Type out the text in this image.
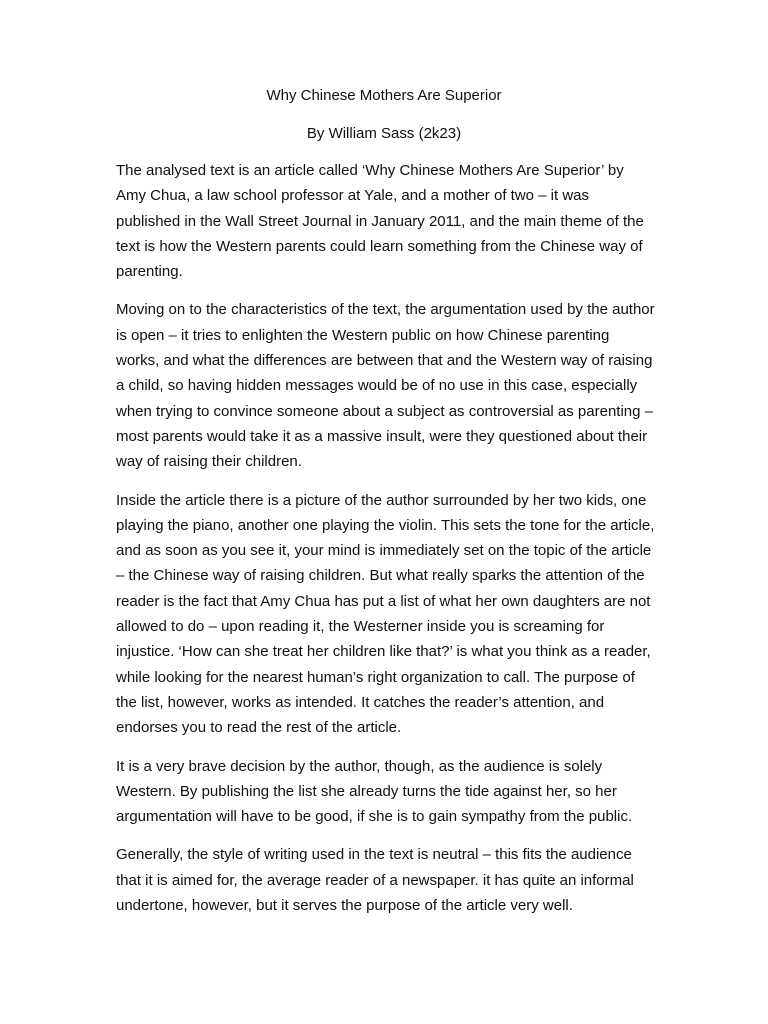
Why Chinese Mothers Are Superior
By William Sass (2k23)

The analysed text is an article called ‘Why Chinese Mothers Are Superior’ by Amy Chua, a law school professor at Yale, and a mother of two – it was published in the Wall Street Journal in January 2011, and the main theme of the text is how the Western parents could learn something from the Chinese way of parenting.

Moving on to the characteristics of the text, the argumentation used by the author is open – it tries to enlighten the Western public on how Chinese parenting works, and what the differences are between that and the Western way of raising a child, so having hidden messages would be of no use in this case, especially when trying to convince someone about a subject as controversial as parenting –most parents would take it as a massive insult, were they questioned about their way of raising their children.

Inside the article there is a picture of the author surrounded by her two kids, one playing the piano, another one playing the violin. This sets the tone for the article, and as soon as you see it, your mind is immediately set on the topic of the article – the Chinese way of raising children. But what really sparks the attention of the reader is the fact that Amy Chua has put a list of what her own daughters are not allowed to do – upon reading it, the Westerner inside you is screaming for injustice. ‘How can she treat her children like that?’ is what you think as a reader, while looking for the nearest human’s right organization to call. The purpose of the list, however, works as intended. It catches the reader’s attention, and endorses you to read the rest of the article.

It is a very brave decision by the author, though, as the audience is solely Western. By publishing the list she already turns the tide against her, so her argumentation will have to be good, if she is to gain sympathy from the public.

Generally, the style of writing used in the text is neutral – this fits the audience that it is aimed for, the average reader of a newspaper. it has quite an informal undertone, however, but it serves the purpose of the article very well.
